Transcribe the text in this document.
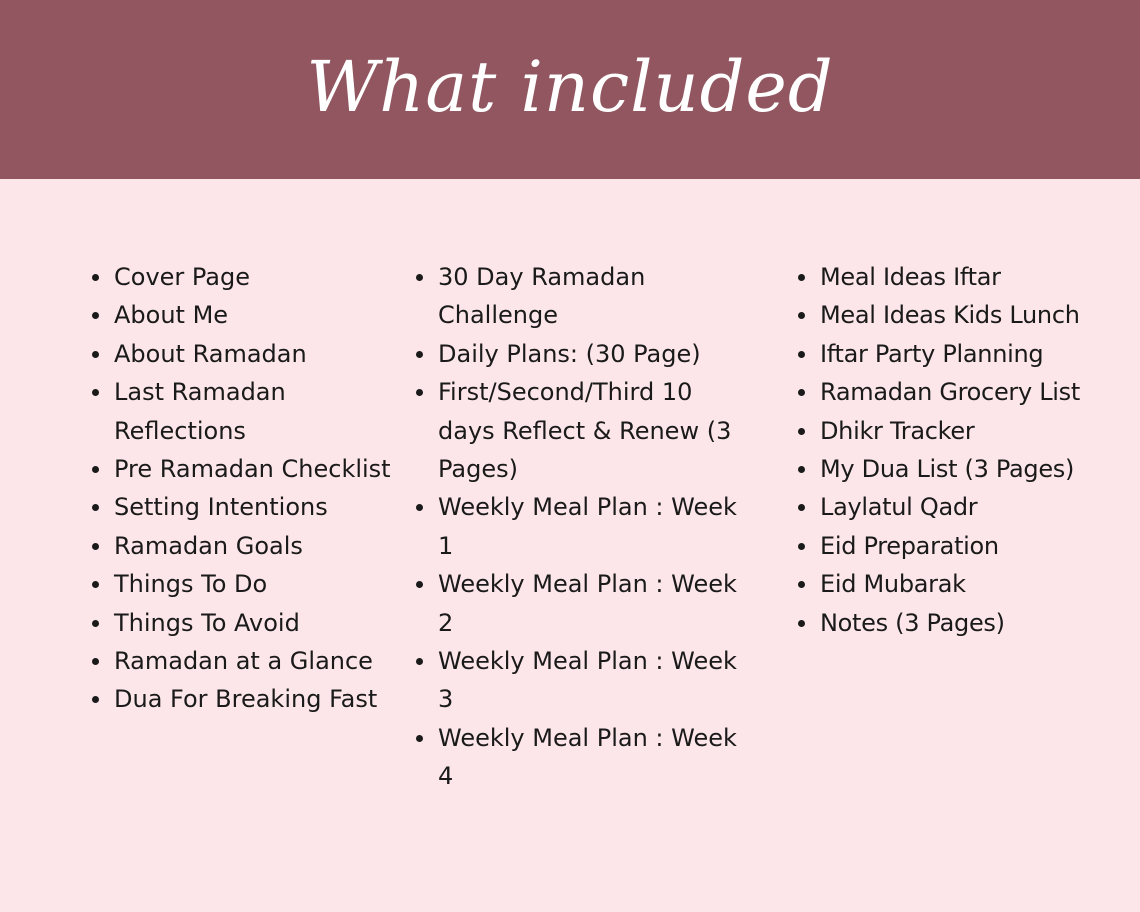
What included
Cover Page
About Me
About Ramadan
Last Ramadan Reflections
Pre Ramadan Checklist
Setting Intentions
Ramadan Goals
Things To Do
Things To Avoid
Ramadan at a Glance
Dua For Breaking Fast
30 Day Ramadan Challenge
Daily Plans: (30 Page)
First/Second/Third 10 days Reflect & Renew (3 Pages)
Weekly Meal Plan : Week 1
Weekly Meal Plan : Week 2
Weekly Meal Plan : Week 3
Weekly Meal Plan : Week 4
Meal Ideas Iftar
Meal Ideas Kids Lunch
Iftar Party Planning
Ramadan Grocery List
Dhikr Tracker
My Dua List (3 Pages)
Laylatul Qadr
Eid Preparation
Eid Mubarak
Notes (3 Pages)
